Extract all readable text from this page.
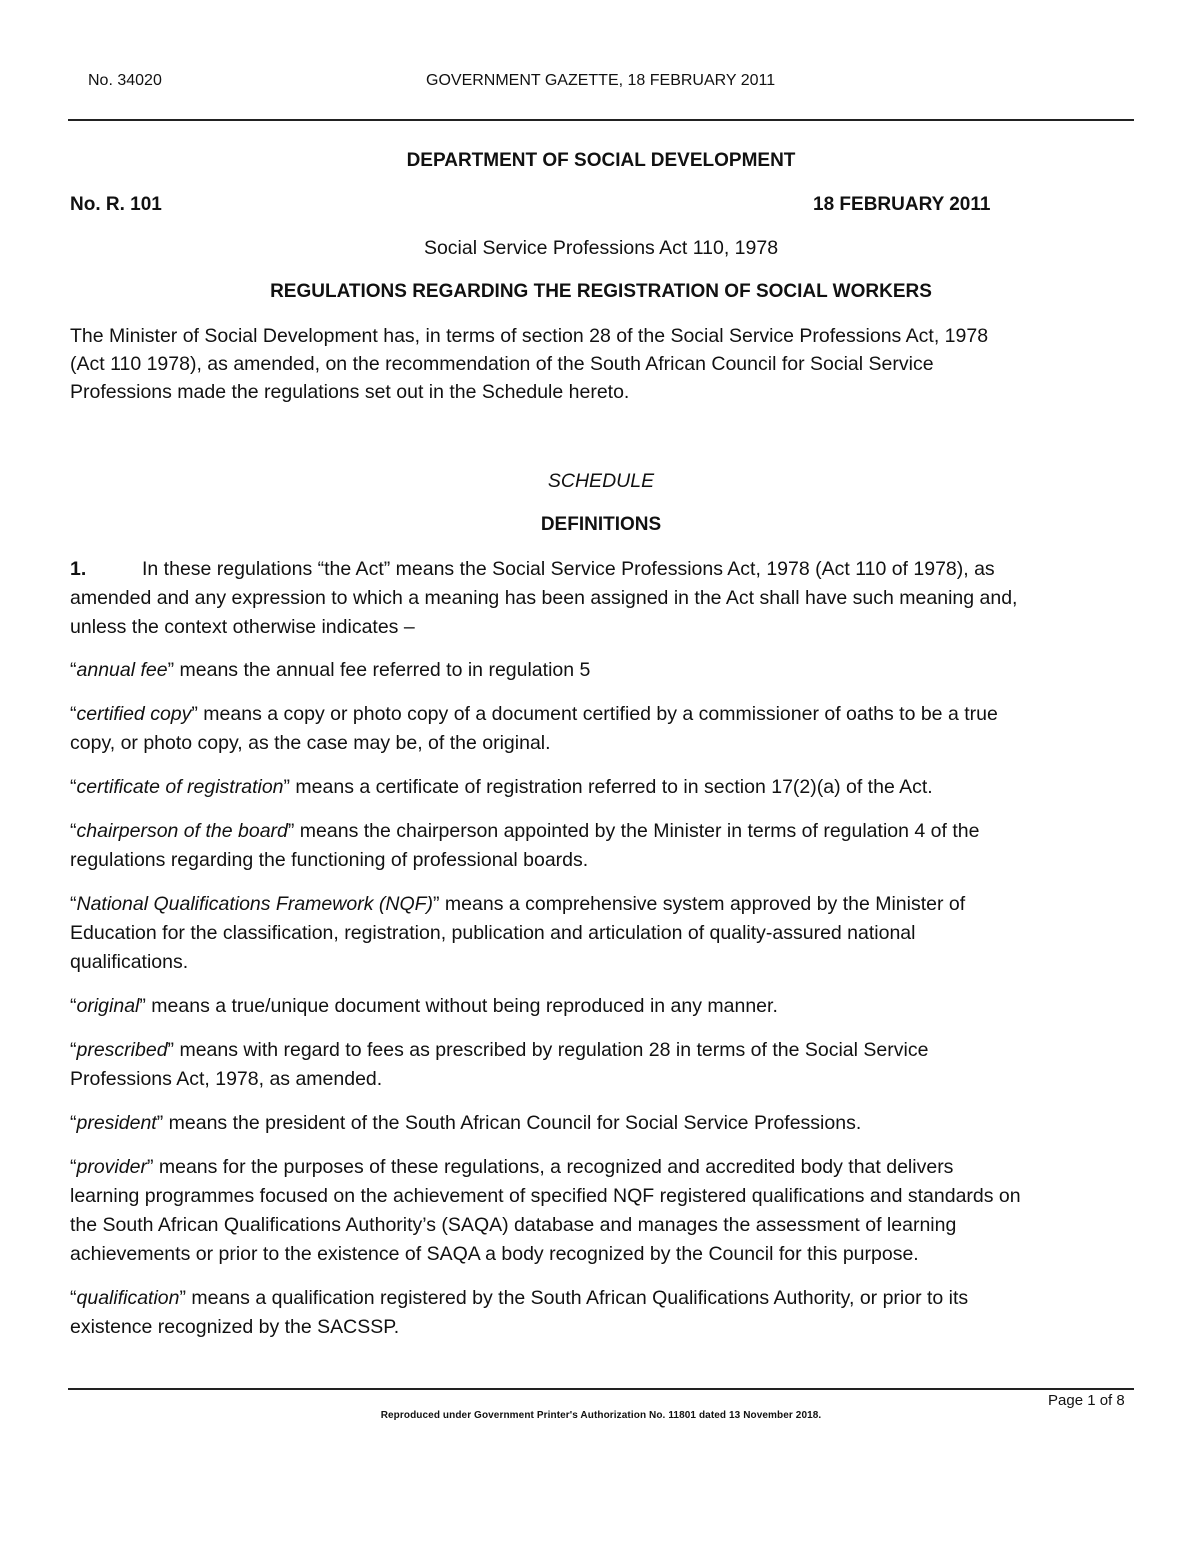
No. 34020	GOVERNMENT GAZETTE, 18 FEBRUARY 2011
DEPARTMENT OF SOCIAL DEVELOPMENT
No. R. 101	18 FEBRUARY 2011
Social Service Professions Act 110, 1978
REGULATIONS REGARDING THE REGISTRATION OF SOCIAL WORKERS
The Minister of Social Development has, in terms of section 28 of the Social Service Professions Act, 1978
(Act 110 1978), as amended, on the recommendation of the South African Council for Social Service
Professions made the regulations set out in the Schedule hereto.
SCHEDULE
DEFINITIONS
1.	In these regulations “the Act” means the Social Service Professions Act, 1978 (Act 110 of 1978), as
amended and any expression to which a meaning has been assigned in the Act shall have such meaning and,
unless the context otherwise indicates –
“annual fee” means the annual fee referred to in regulation 5
“certified copy” means a copy or photo copy of a document certified by a commissioner of oaths to be a true
copy, or photo copy, as the case may be, of the original.
“certificate of registration” means a certificate of registration referred to in section 17(2)(a) of the Act.
“chairperson of the board” means the chairperson appointed by the Minister in terms of regulation 4 of the
regulations regarding the functioning of professional boards.
“National Qualifications Framework (NQF)” means a comprehensive system approved by the Minister of
Education for the classification, registration, publication and articulation of quality-assured national
qualifications.
“original” means a true/unique document without being reproduced in any manner.
“prescribed” means with regard to fees as prescribed by regulation 28 in terms of the Social Service
Professions Act, 1978, as amended.
“president” means the president of the South African Council for Social Service Professions.
“provider” means for the purposes of these regulations, a recognized and accredited body that delivers
learning programmes focused on the achievement of specified NQF registered qualifications and standards on
the South African Qualifications Authority’s (SAQA) database and manages the assessment of learning
achievements or prior to the existence of SAQA a body recognized by the Council for this purpose.
“qualification” means a qualification registered by the South African Qualifications Authority, or prior to its
existence recognized by the SACSSP.
Page 1 of 8
Reproduced under Government Printer's Authorization No. 11801 dated 13 November 2018.
